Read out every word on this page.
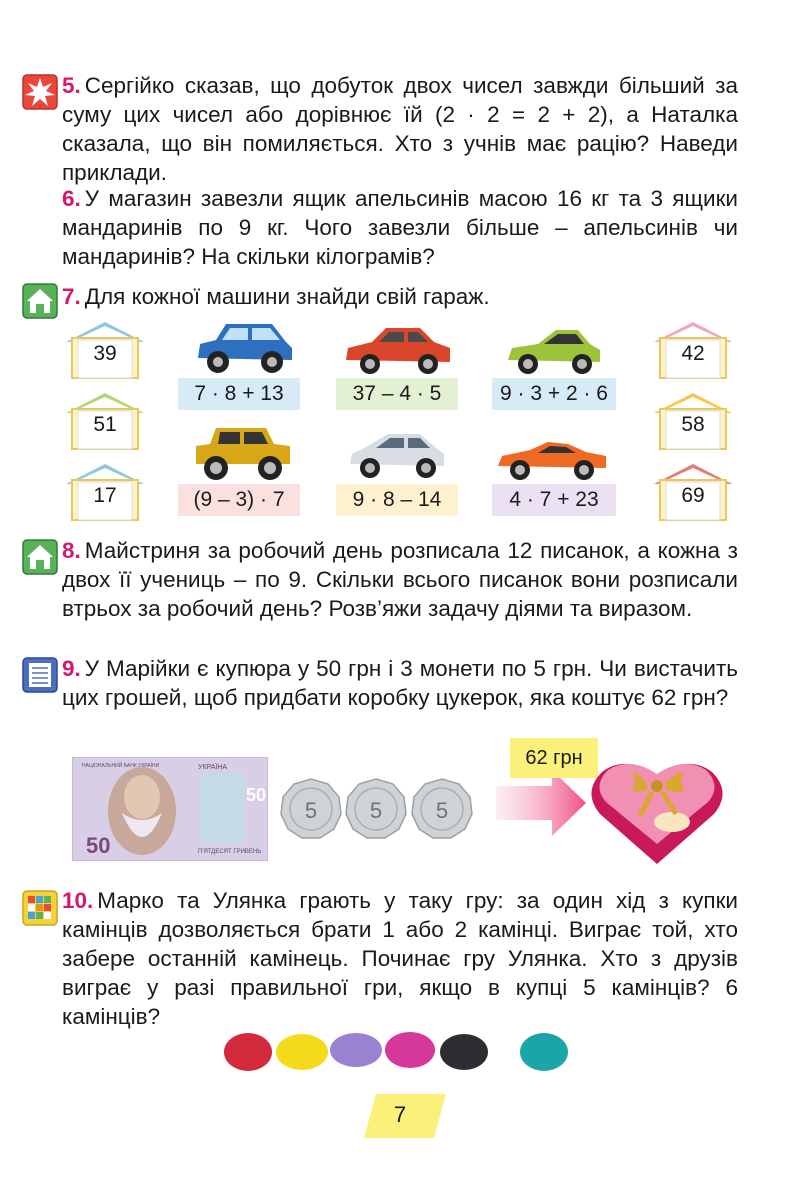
5. Сергійко сказав, що добуток двох чисел завжди більший за суму цих чисел або дорівнює їй (2 · 2 = 2 + 2), а Наталка сказала, що він помиляється. Хто з учнів має рацію? Наведи приклади.

6. У магазин завезли ящик апельсинів масою 16 кг та 3 ящики мандаринів по 9 кг. Чого завезли більше – апельсинів чи мандаринів? На скільки кілограмів?

7. Для кожної машини знайди свій гараж.

39
51
17
42
58
69
7 · 8 + 13	37 – 4 · 5	9 · 3 + 2 · 6
(9 – 3) · 7	9 · 8 – 14	4 · 7 + 23

8. Майстриня за робочий день розписала 12 писанок, а кожна з двох її учениць – по 9. Скільки всього писанок вони розписали втрьох за робочий день? Розв’яжи задачу діями та виразом.

9. У Марійки є купюра у 50 грн і 3 монети по 5 грн. Чи вистачить цих грошей, щоб придбати коробку цукерок, яка коштує 62 грн?

50
50
НАЦІОНАЛЬНИЙ БАНК УКРАЇНИ	УКРАЇНА
П'ЯТДЕСЯТ ГРИВЕНЬ
5 5 5
62 грн

10. Марко та Улянка грають у таку гру: за один хід з купки камінців дозволяється брати 1 або 2 камінці. Виграє той, хто забере останній камінець. Починає гру Улянка. Хто з друзів виграє у разі правильної гри, якщо в купці 5 камінців? 6 камінців?

7
